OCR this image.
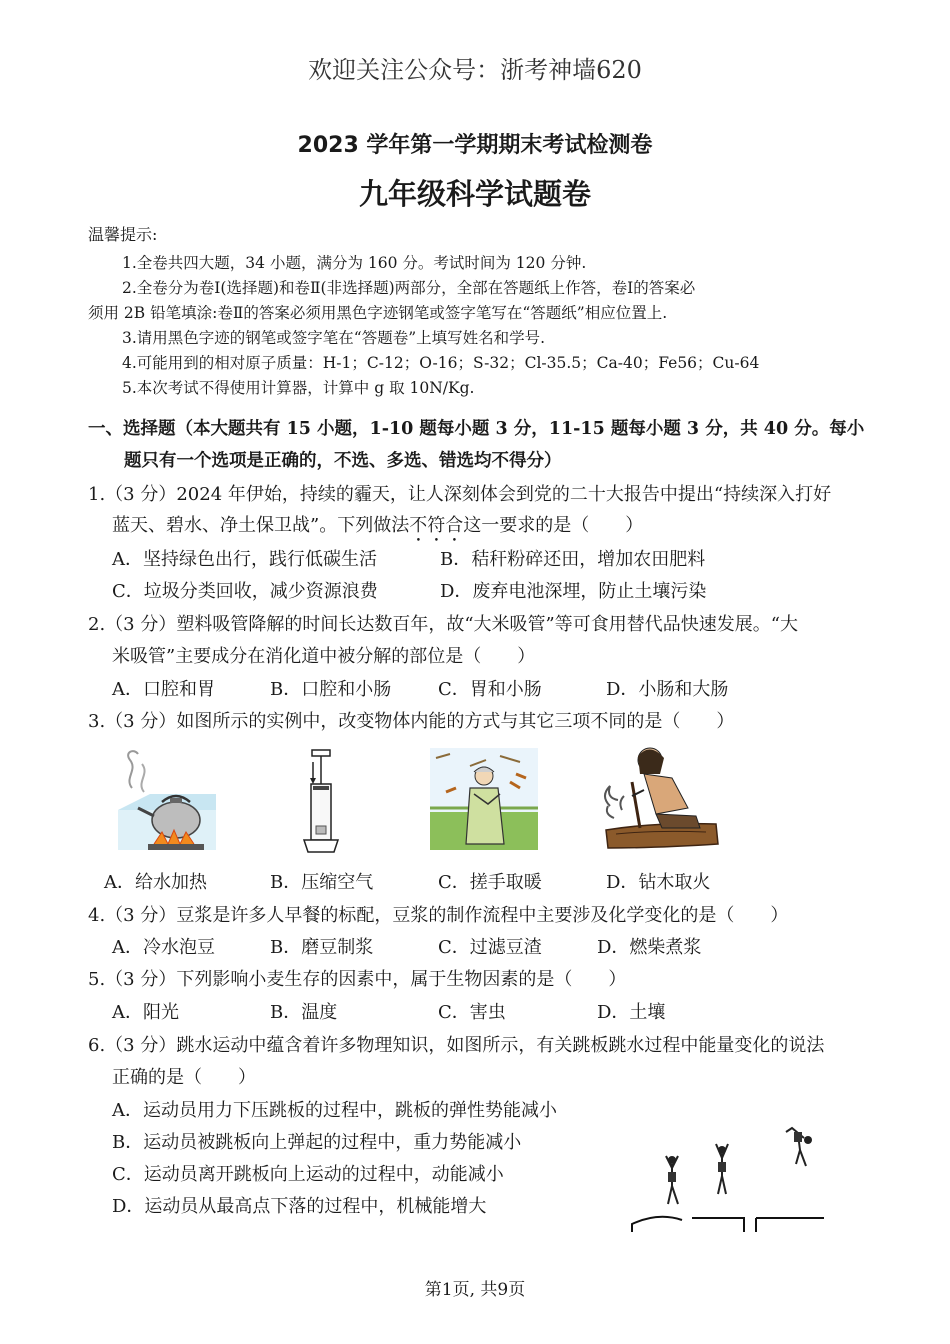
欢迎关注公众号：浙考神墙620
2023 学年第一学期期末考试检测卷
九年级科学试题卷
温馨提示:
1.全卷共四大题，34 小题，满分为 160 分。考试时间为 120 分钟.
2.全卷分为卷Ⅰ(选择题)和卷Ⅱ(非选择题)两部分，全部在答题纸上作答，卷Ⅰ的答案必
须用 2B 铅笔填涂:卷Ⅱ的答案必须用黑色字迹钢笔或签字笔写在“答题纸”相应位置上.
3.请用黑色字迹的钢笔或签字笔在“答题卷”上填写姓名和学号.
4.可能用到的相对原子质量：H-1；C-12；O-16；S-32；Cl-35.5；Ca-40；Fe56；Cu-64
5.本次考试不得使用计算器，计算中 g 取 10N/Kg.
一、选择题（本大题共有 15 小题，1-10 题每小题 3 分，11-15 题每小题 3 分，共 40 分。每小
题只有一个选项是正确的，不选、多选、错选均不得分）
1.（3 分）2024 年伊始，持续的霾天，让人深刻体会到党的二十大报告中提出“持续深入打好
蓝天、碧水、净土保卫战”。下列做法不符合这一要求的是（　　）
A．坚持绿色出行，践行低碳生活	B．秸秆粉碎还田，增加农田肥料
C．垃圾分类回收，减少资源浪费	D．废弃电池深埋，防止土壤污染
2.（3 分）塑料吸管降解的时间长达数百年，故“大米吸管”等可食用替代品快速发展。“大
米吸管”主要成分在消化道中被分解的部位是（　　）
A．口腔和胃	B．口腔和小肠	C．胃和小肠	D．小肠和大肠
3.（3 分）如图所示的实例中，改变物体内能的方式与其它三项不同的是（　　）
A．给水加热	B．压缩空气	C．搓手取暖	D．钻木取火
4.（3 分）豆浆是许多人早餐的标配，豆浆的制作流程中主要涉及化学变化的是（　　）
A．冷水泡豆	B．磨豆制浆	C．过滤豆渣	D．燃柴煮浆
5.（3 分）下列影响小麦生存的因素中，属于生物因素的是（　　）
A．阳光	B．温度	C．害虫	D．土壤
6.（3 分）跳水运动中蕴含着许多物理知识，如图所示，有关跳板跳水过程中能量变化的说法
正确的是（　　）
A．运动员用力下压跳板的过程中，跳板的弹性势能减小
B．运动员被跳板向上弹起的过程中，重力势能减小
C．运动员离开跳板向上运动的过程中，动能减小
D．运动员从最高点下落的过程中，机械能增大
第1页, 共9页
